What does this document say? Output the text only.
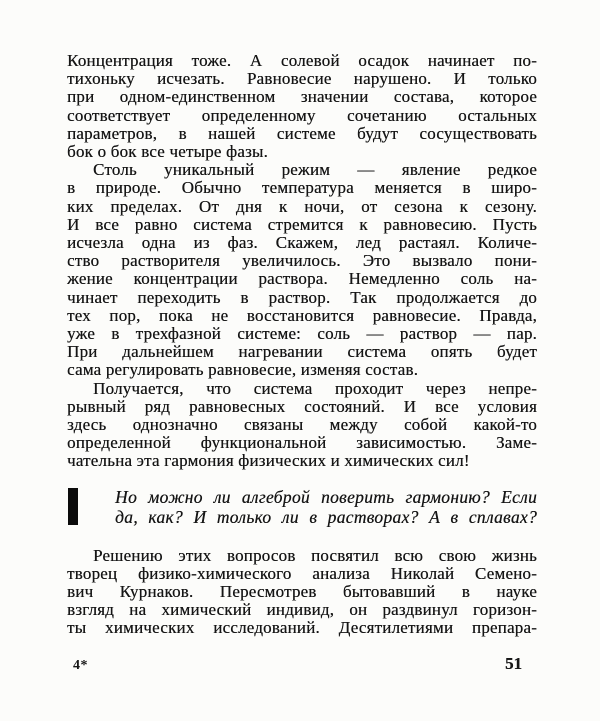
Концентрация тоже. А солевой осадок начинает по-
тихоньку исчезать. Равновесие нарушено. И только
при одном-единственном значении состава, которое
соответствует определенному сочетанию остальных
параметров, в нашей системе будут сосуществовать
бок о бок все четыре фазы.
Столь уникальный режим — явление редкое
в природе. Обычно температура меняется в широ-
ких пределах. От дня к ночи, от сезона к сезону.
И все равно система стремится к равновесию. Пусть
исчезла одна из фаз. Скажем, лед растаял. Количе-
ство растворителя увеличилось. Это вызвало пони-
жение концентрации раствора. Немедленно соль на-
чинает переходить в раствор. Так продолжается до
тех пор, пока не восстановится равновесие. Правда,
уже в трехфазной системе: соль — раствор — пар.
При дальнейшем нагревании система опять будет
сама регулировать равновесие, изменяя состав.
Получается, что система проходит через непре-
рывный ряд равновесных состояний. И все условия
здесь однозначно связаны между собой какой-то
определенной функциональной зависимостью. Заме-
чательна эта гармония физических и химических сил!
Но можно ли алгеброй поверить гармонию? Если
да, как? И только ли в растворах? А в сплавах?
Решению этих вопросов посвятил всю свою жизнь
творец физико-химического анализа Николай Семено-
вич Курнаков. Пересмотрев бытовавший в науке
взгляд на химический индивид, он раздвинул горизон-
ты химических исследований. Десятилетиями препара-
4*	51
